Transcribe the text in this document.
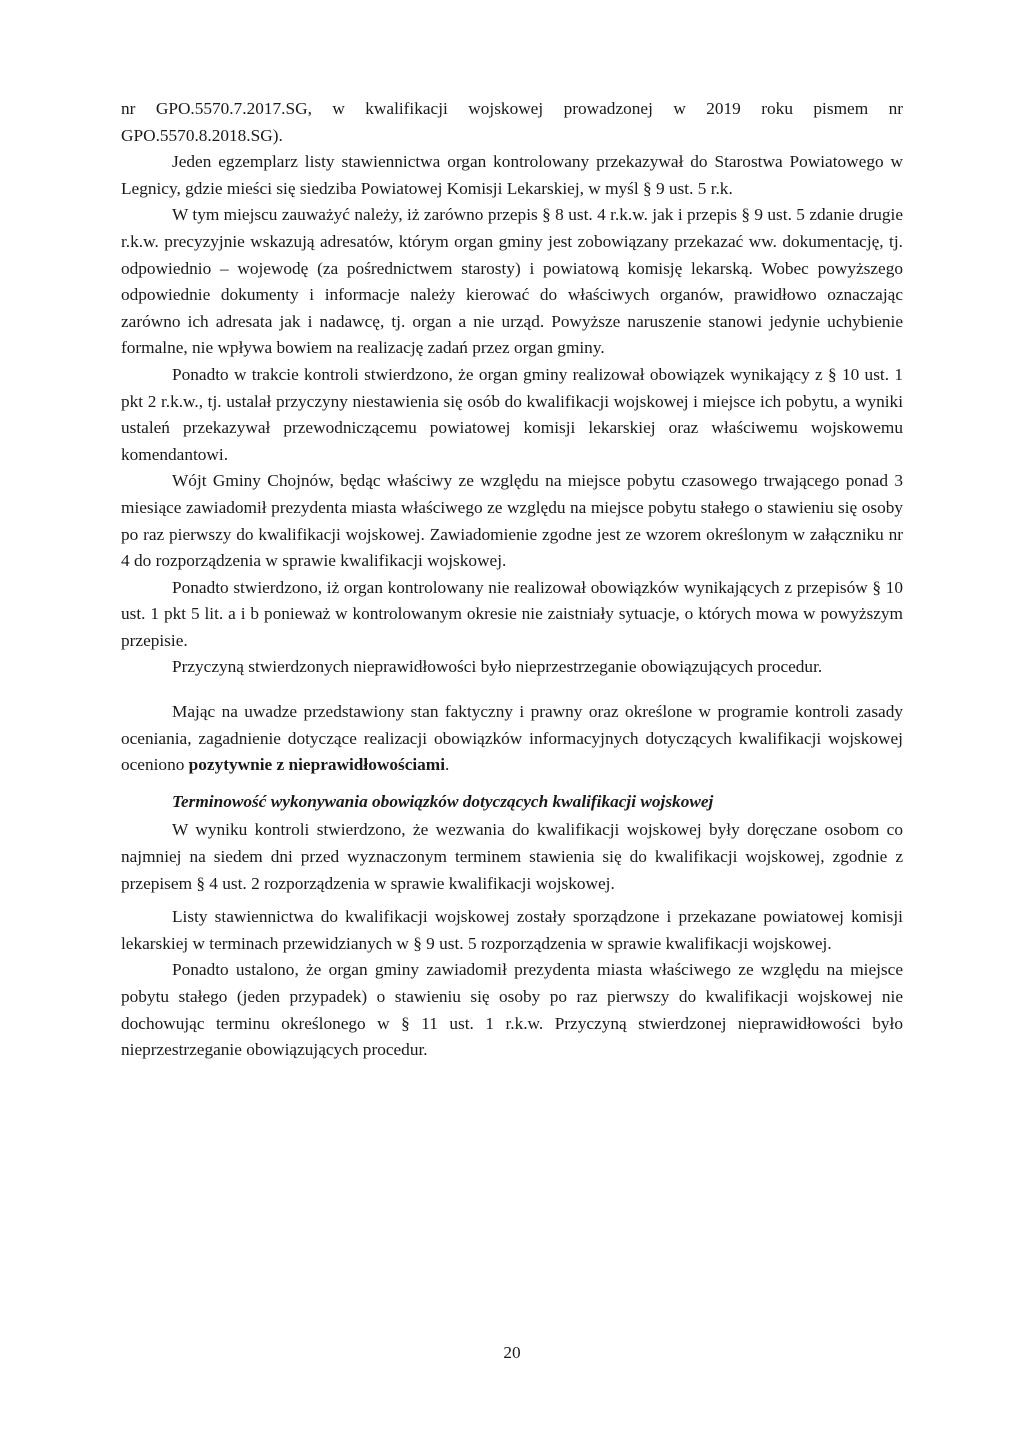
nr GPO.5570.7.2017.SG, w kwalifikacji wojskowej prowadzonej w 2019 roku pismem nr GPO.5570.8.2018.SG).

Jeden egzemplarz listy stawiennictwa organ kontrolowany przekazywał do Starostwa Powiatowego w Legnicy, gdzie mieści się siedziba Powiatowej Komisji Lekarskiej, w myśl § 9 ust. 5 r.k.

W tym miejscu zauważyć należy, iż zarówno przepis § 8 ust. 4 r.k.w. jak i przepis § 9 ust. 5 zdanie drugie r.k.w. precyzyjnie wskazują adresatów, którym organ gminy jest zobowiązany przekazać ww. dokumentację, tj. odpowiednio – wojewodę (za pośrednictwem starosty) i powiatową komisję lekarską. Wobec powyższego odpowiednie dokumenty i informacje należy kierować do właściwych organów, prawidłowo oznaczając zarówno ich adresata jak i nadawcę, tj. organ a nie urząd. Powyższe naruszenie stanowi jedynie uchybienie formalne, nie wpływa bowiem na realizację zadań przez organ gminy.

Ponadto w trakcie kontroli stwierdzono, że organ gminy realizował obowiązek wynikający z § 10 ust. 1 pkt 2 r.k.w., tj. ustalał przyczyny niestawienia się osób do kwalifikacji wojskowej i miejsce ich pobytu, a wyniki ustaleń przekazywał przewodniczącemu powiatowej komisji lekarskiej oraz właściwemu wojskowemu komendantowi.

Wójt Gminy Chojnów, będąc właściwy ze względu na miejsce pobytu czasowego trwającego ponad 3 miesiące zawiadomił prezydenta miasta właściwego ze względu na miejsce pobytu stałego o stawieniu się osoby po raz pierwszy do kwalifikacji wojskowej. Zawiadomienie zgodne jest ze wzorem określonym w załączniku nr 4 do rozporządzenia w sprawie kwalifikacji wojskowej.

Ponadto stwierdzono, iż organ kontrolowany nie realizował obowiązków wynikających z przepisów § 10 ust. 1 pkt 5 lit. a i b ponieważ w kontrolowanym okresie nie zaistniały sytuacje, o których mowa w powyższym przepisie.

Przyczyną stwierdzonych nieprawidłowości było nieprzestrzeganie obowiązujących procedur.

Mając na uwadze przedstawiony stan faktyczny i prawny oraz określone w programie kontroli zasady oceniania, zagadnienie dotyczące realizacji obowiązków informacyjnych dotyczących kwalifikacji wojskowej oceniono pozytywnie z nieprawidłowościami.

Terminowość wykonywania obowiązków dotyczących kwalifikacji wojskowej

W wyniku kontroli stwierdzono, że wezwania do kwalifikacji wojskowej były doręczane osobom co najmniej na siedem dni przed wyznaczonym terminem stawienia się do kwalifikacji wojskowej, zgodnie z przepisem § 4 ust. 2 rozporządzenia w sprawie kwalifikacji wojskowej.

Listy stawiennictwa do kwalifikacji wojskowej zostały sporządzone i przekazane powiatowej komisji lekarskiej w terminach przewidzianych w § 9 ust. 5 rozporządzenia w sprawie kwalifikacji wojskowej.

Ponadto ustalono, że organ gminy zawiadomił prezydenta miasta właściwego ze względu na miejsce pobytu stałego (jeden przypadek) o stawieniu się osoby po raz pierwszy do kwalifikacji wojskowej nie dochowując terminu określonego w § 11 ust. 1 r.k.w. Przyczyną stwierdzonej nieprawidłowości było nieprzestrzeganie obowiązujących procedur.

20
